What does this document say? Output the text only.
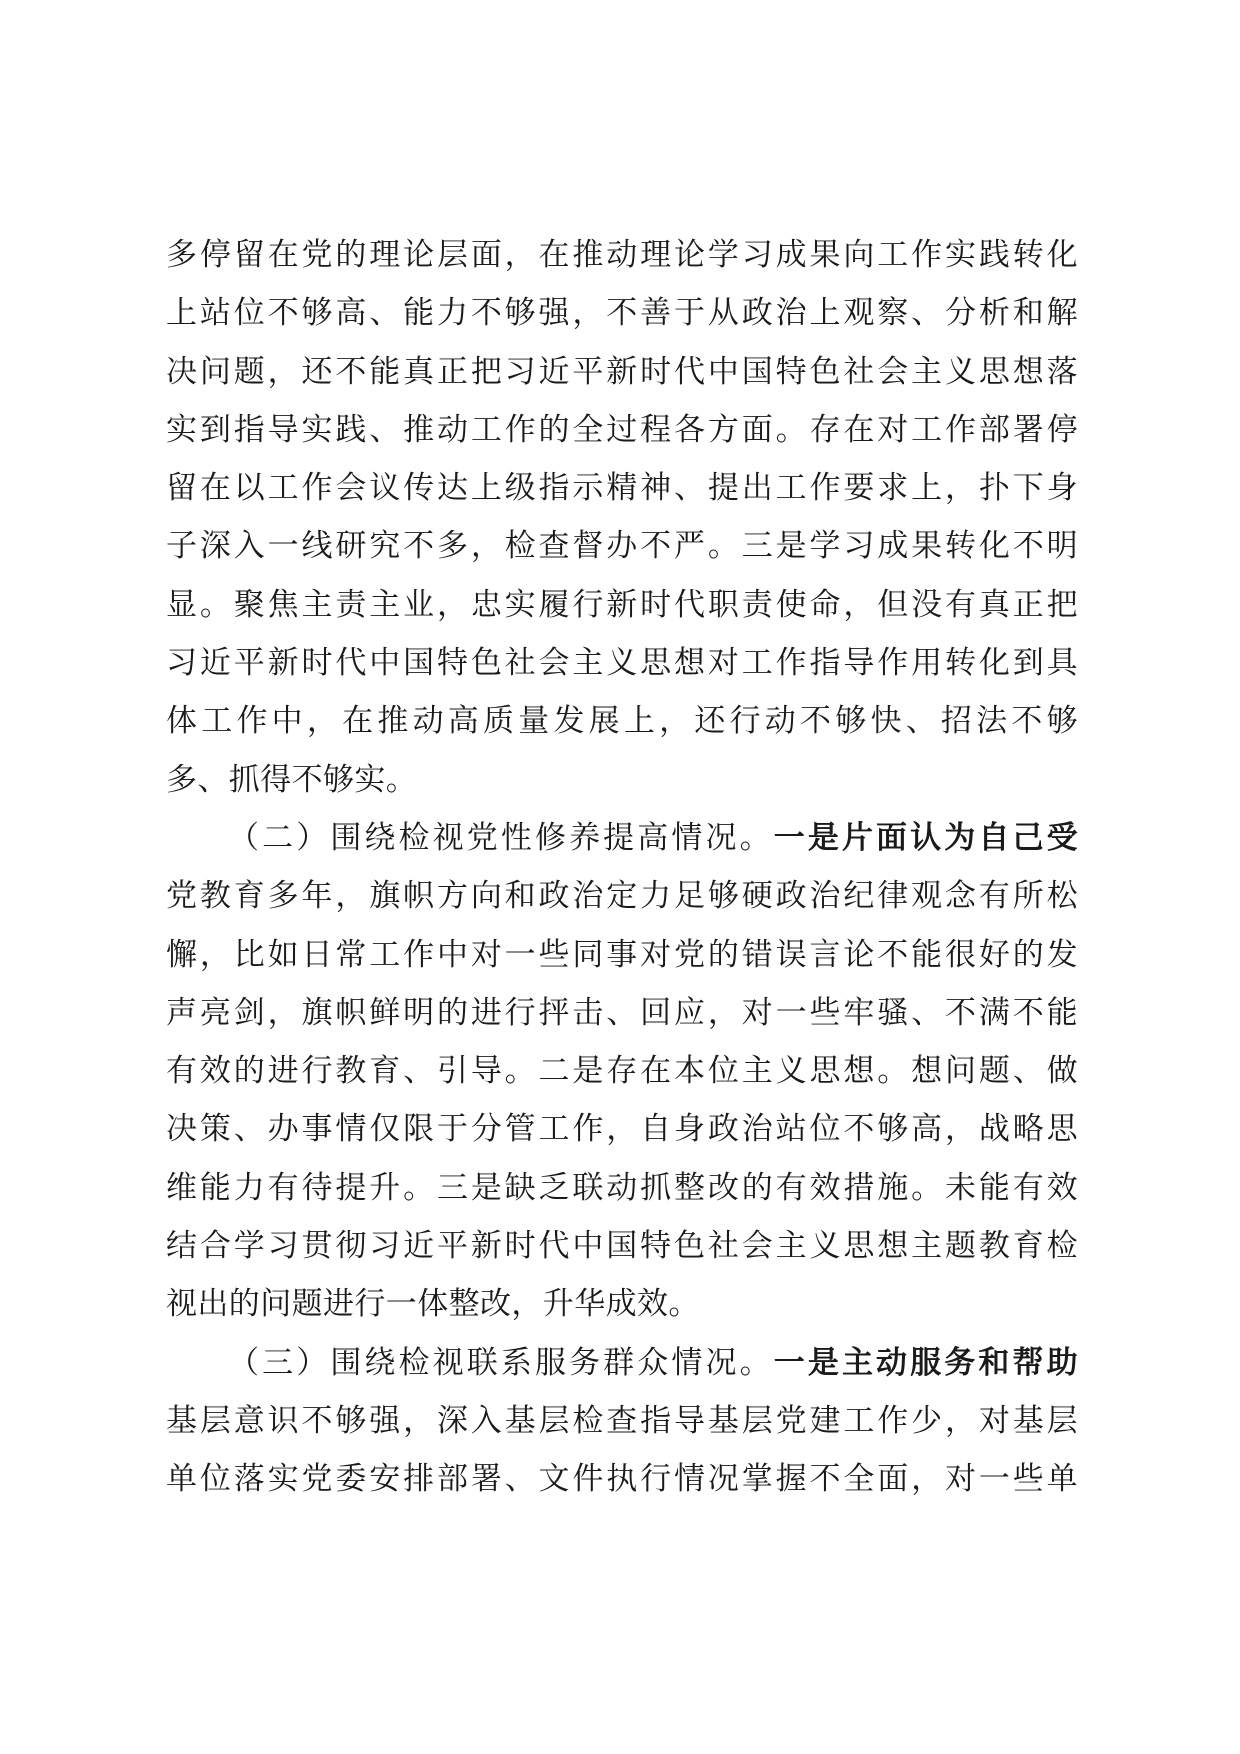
多停留在党的理论层面，在推动理论学习成果向工作实践转化
上站位不够高、能力不够强，不善于从政治上观察、分析和解
决问题，还不能真正把习近平新时代中国特色社会主义思想落
实到指导实践、推动工作的全过程各方面。存在对工作部署停
留在以工作会议传达上级指示精神、提出工作要求上，扑下身
子深入一线研究不多，检查督办不严。三是学习成果转化不明
显。聚焦主责主业，忠实履行新时代职责使命，但没有真正把
习近平新时代中国特色社会主义思想对工作指导作用转化到具
体工作中，在推动高质量发展上，还行动不够快、招法不够
多、抓得不够实。
（二）围绕检视党性修养提高情况。一是片面认为自己受
党教育多年，旗帜方向和政治定力足够硬政治纪律观念有所松
懈，比如日常工作中对一些同事对党的错误言论不能很好的发
声亮剑，旗帜鲜明的进行抨击、回应，对一些牢骚、不满不能
有效的进行教育、引导。二是存在本位主义思想。想问题、做
决策、办事情仅限于分管工作，自身政治站位不够高，战略思
维能力有待提升。三是缺乏联动抓整改的有效措施。未能有效
结合学习贯彻习近平新时代中国特色社会主义思想主题教育检
视出的问题进行一体整改，升华成效。
（三）围绕检视联系服务群众情况。一是主动服务和帮助
基层意识不够强，深入基层检查指导基层党建工作少，对基层
单位落实党委安排部署、文件执行情况掌握不全面，对一些单
